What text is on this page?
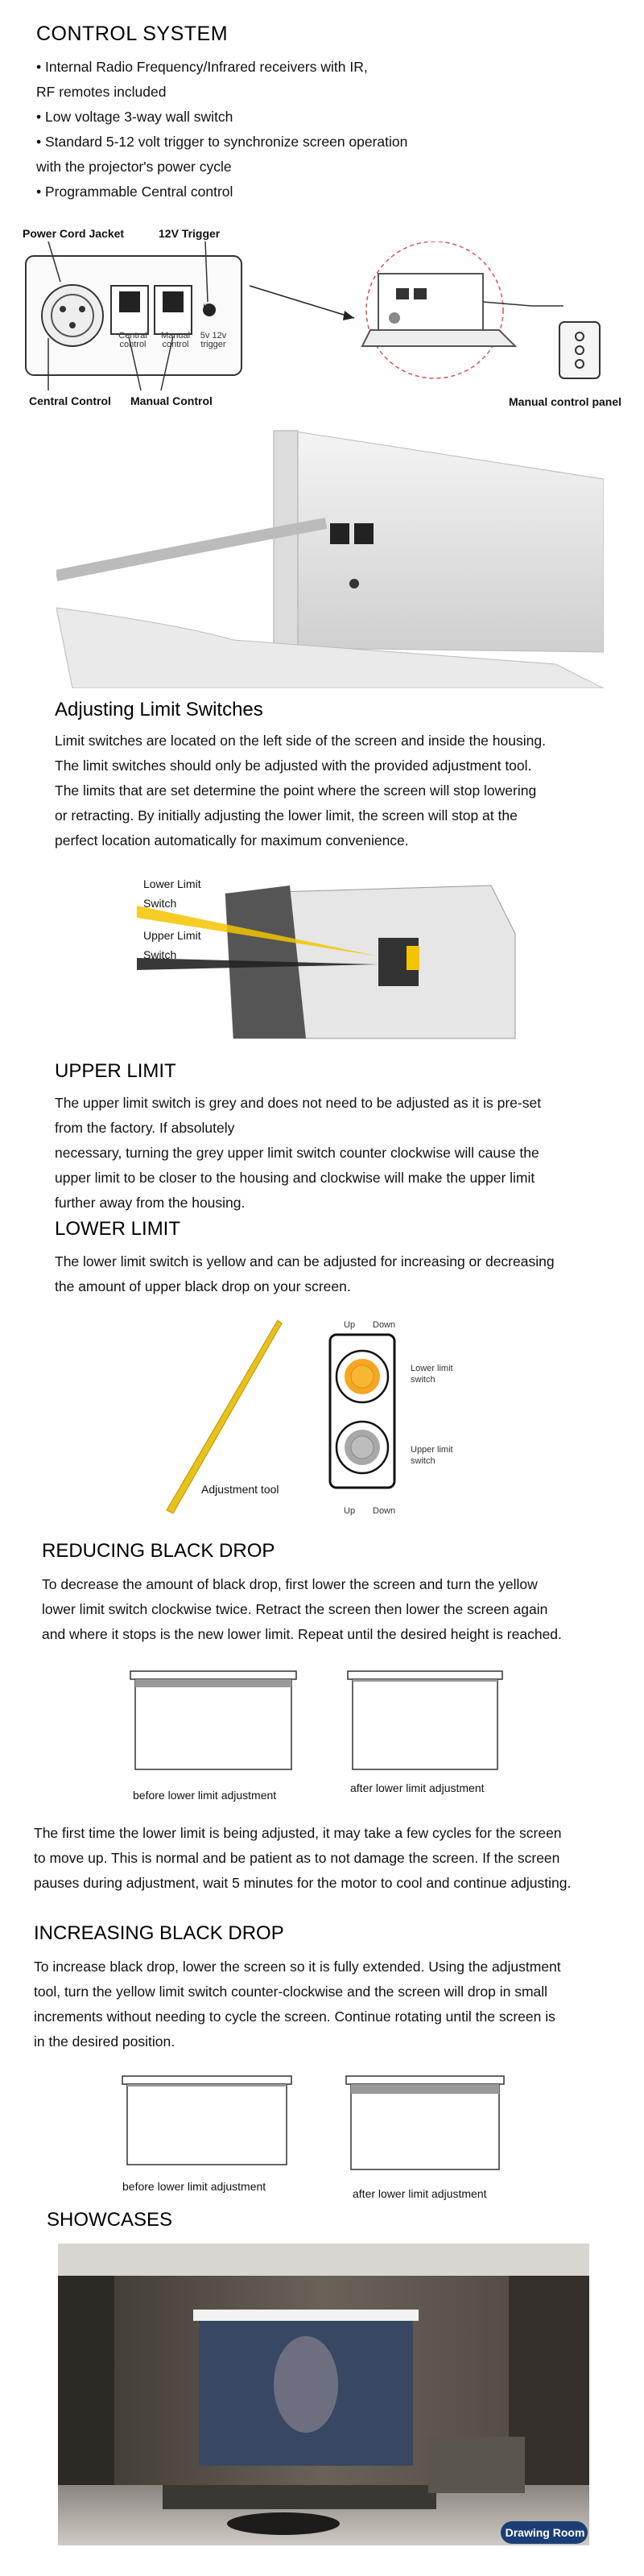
CONTROL SYSTEM
• Internal Radio Frequency/Infrared receivers with IR,
RF remotes included
• Low voltage 3-way wall switch
• Standard 5-12 volt trigger to synchronize screen operation
with the projector's power cycle
• Programmable Central control
Power Cord Jacket	12V Trigger
Central Control Manual Control	Manual control panel
Central control
Manual control
IR
5v 12v trigger
Adjusting Limit Switches
Limit switches are located on the left side of the screen and inside the housing.
The limit switches should only be adjusted with the provided adjustment tool.
The limits that are set determine the point where the screen will stop lowering
or retracting. By initially adjusting the lower limit, the screen will stop at the
perfect location automatically for maximum convenience.
Lower Limit
Switch
Upper Limit
Switch
UPPER LIMIT
The upper limit switch is grey and does not need to be adjusted as it is pre-set
from the factory. If absolutely
necessary, turning the grey upper limit switch counter clockwise will cause the
upper limit to be closer to the housing and clockwise will make the upper limit
further away from the housing.
LOWER LIMIT
The lower limit switch is yellow and can be adjusted for increasing or decreasing
the amount of upper black drop on your screen.
Up Down
Up Down
Lower limit
switch
Upper limit
switch
Adjustment tool
REDUCING BLACK DROP
To decrease the amount of black drop, first lower the screen and turn the yellow
lower limit switch clockwise twice. Retract the screen then lower the screen again
and where it stops is the new lower limit. Repeat until the desired height is reached.
before lower limit adjustment
after lower limit adjustment
The first time the lower limit is being adjusted, it may take a few cycles for the screen
to move up. This is normal and be patient as to not damage the screen. If the screen
pauses during adjustment, wait 5 minutes for the motor to cool and continue adjusting.
INCREASING BLACK DROP
To increase black drop, lower the screen so it is fully extended. Using the adjustment
tool, turn the yellow limit switch counter-clockwise and the screen will drop in small
increments without needing to cycle the screen. Continue rotating until the screen is
in the desired position.
before lower limit adjustment
after lower limit adjustment
SHOWCASES
Drawing Room
